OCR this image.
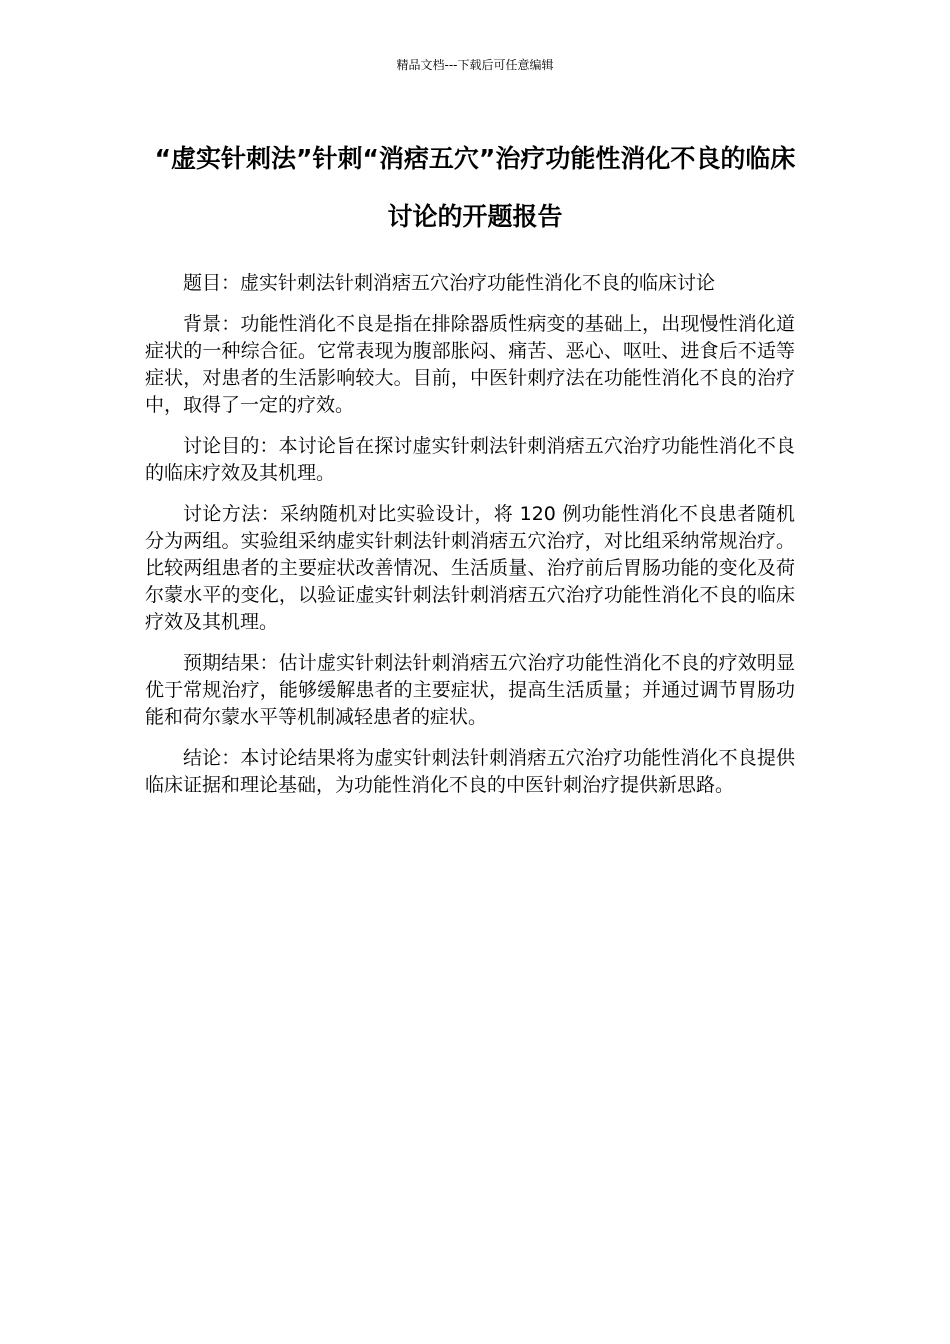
精品文档---下载后可任意编辑
“虚实针刺法”针刺“消痞五穴”治疗功能性消化不良的临床讨论的开题报告

题目：虚实针刺法针刺消痞五穴治疗功能性消化不良的临床讨论

背景：功能性消化不良是指在排除器质性病变的基础上，出现慢性消化道症状的一种综合征。它常表现为腹部胀闷、痛苦、恶心、呕吐、进食后不适等症状，对患者的生活影响较大。目前，中医针刺疗法在功能性消化不良的治疗中，取得了一定的疗效。

讨论目的：本讨论旨在探讨虚实针刺法针刺消痞五穴治疗功能性消化不良的临床疗效及其机理。

讨论方法：采纳随机对比实验设计，将 120 例功能性消化不良患者随机分为两组。实验组采纳虚实针刺法针刺消痞五穴治疗，对比组采纳常规治疗。比较两组患者的主要症状改善情况、生活质量、治疗前后胃肠功能的变化及荷尔蒙水平的变化，以验证虚实针刺法针刺消痞五穴治疗功能性消化不良的临床疗效及其机理。

预期结果：估计虚实针刺法针刺消痞五穴治疗功能性消化不良的疗效明显优于常规治疗，能够缓解患者的主要症状，提高生活质量；并通过调节胃肠功能和荷尔蒙水平等机制减轻患者的症状。

结论：本讨论结果将为虚实针刺法针刺消痞五穴治疗功能性消化不良提供临床证据和理论基础，为功能性消化不良的中医针刺治疗提供新思路。
